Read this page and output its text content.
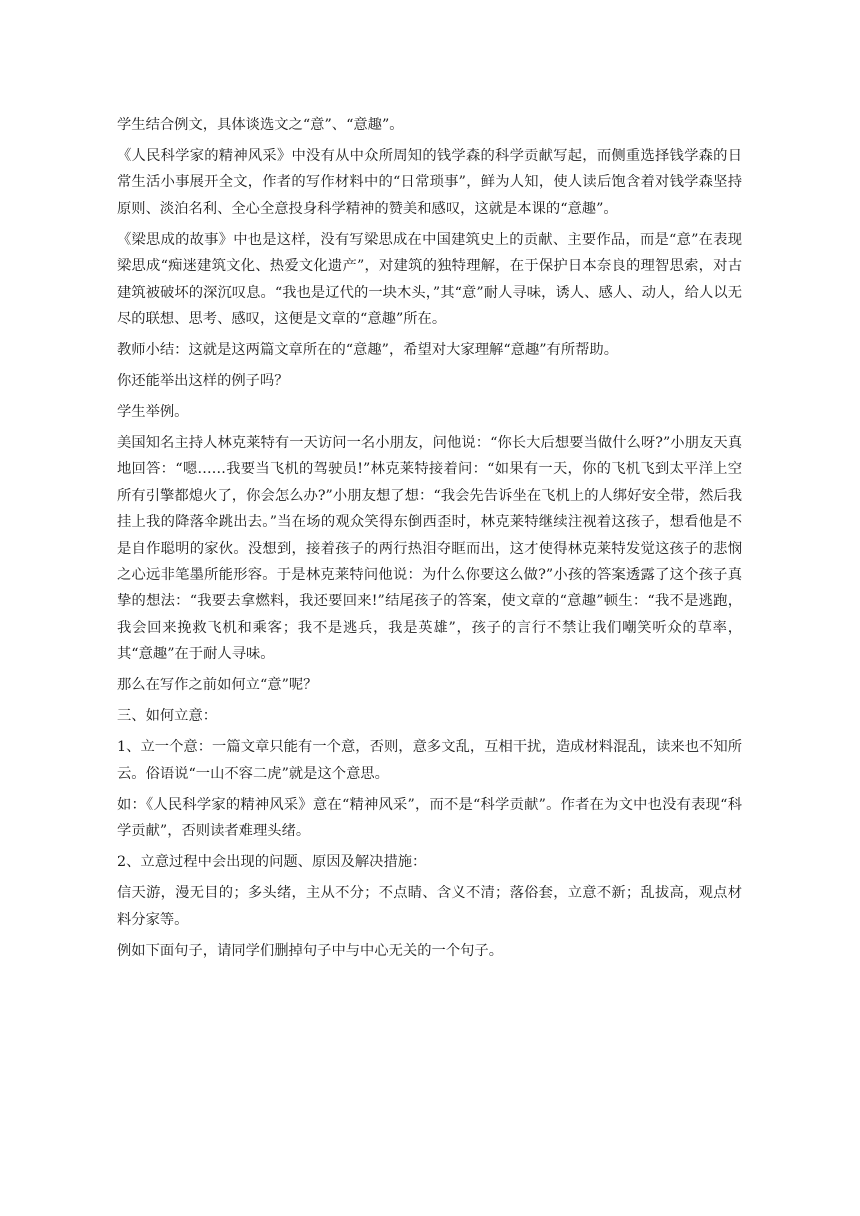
学生结合例文，具体谈选文之“意”、“意趣”。

《人民科学家的精神风采》中没有从中众所周知的钱学森的科学贡献写起，而侧重选择钱学森的日常生活小事展开全文，作者的写作材料中的“日常琐事”，鲜为人知，使人读后饱含着对钱学森坚持原则、淡泊名利、全心全意投身科学精神的赞美和感叹，这就是本课的“意趣”。

《梁思成的故事》中也是这样，没有写梁思成在中国建筑史上的贡献、主要作品，而是“意”在表现梁思成“痴迷建筑文化、热爱文化遗产”，对建筑的独特理解，在于保护日本奈良的理智思索，对古建筑被破坏的深沉叹息。“我也是辽代的一块木头，”其“意”耐人寻味，诱人、感人、动人，给人以无尽的联想、思考、感叹，这便是文章的“意趣”所在。

教师小结：这就是这两篇文章所在的“意趣”，希望对大家理解“意趣”有所帮助。

你还能举出这样的例子吗？

学生举例。

美国知名主持人林克莱特有一天访问一名小朋友，问他说：“你长大后想要当做什么呀?”小朋友天真地回答：“嗯……我要当飞机的驾驶员!”林克莱特接着问：“如果有一天，你的飞机飞到太平洋上空所有引擎都熄火了，你会怎么办?”小朋友想了想：“我会先告诉坐在飞机上的人绑好安全带，然后我挂上我的降落伞跳出去。”当在场的观众笑得东倒西歪时，林克莱特继续注视着这孩子，想看他是不是自作聪明的家伙。没想到，接着孩子的两行热泪夺眶而出，这才使得林克莱特发觉这孩子的悲悯之心远非笔墨所能形容。于是林克莱特问他说：为什么你要这么做?”小孩的答案透露了这个孩子真挚的想法：“我要去拿燃料，我还要回来!”结尾孩子的答案，使文章的“意趣”顿生：“我不是逃跑，我会回来挽救飞机和乘客；我不是逃兵，我是英雄”，孩子的言行不禁让我们嘲笑听众的草率，其“意趣”在于耐人寻味。

那么在写作之前如何立“意”呢？

三、如何立意：

1、立一个意：一篇文章只能有一个意，否则，意多文乱，互相干扰，造成材料混乱，读来也不知所云。俗语说“一山不容二虎”就是这个意思。

如：《人民科学家的精神风采》意在“精神风采”，而不是“科学贡献”。作者在为文中也没有表现“科学贡献”，否则读者难理头绪。

2、立意过程中会出现的问题、原因及解决措施：

信天游，漫无目的；多头绪，主从不分；不点睛、含义不清；落俗套，立意不新；乱拔高，观点材料分家等。

例如下面句子，请同学们删掉句子中与中心无关的一个句子。
